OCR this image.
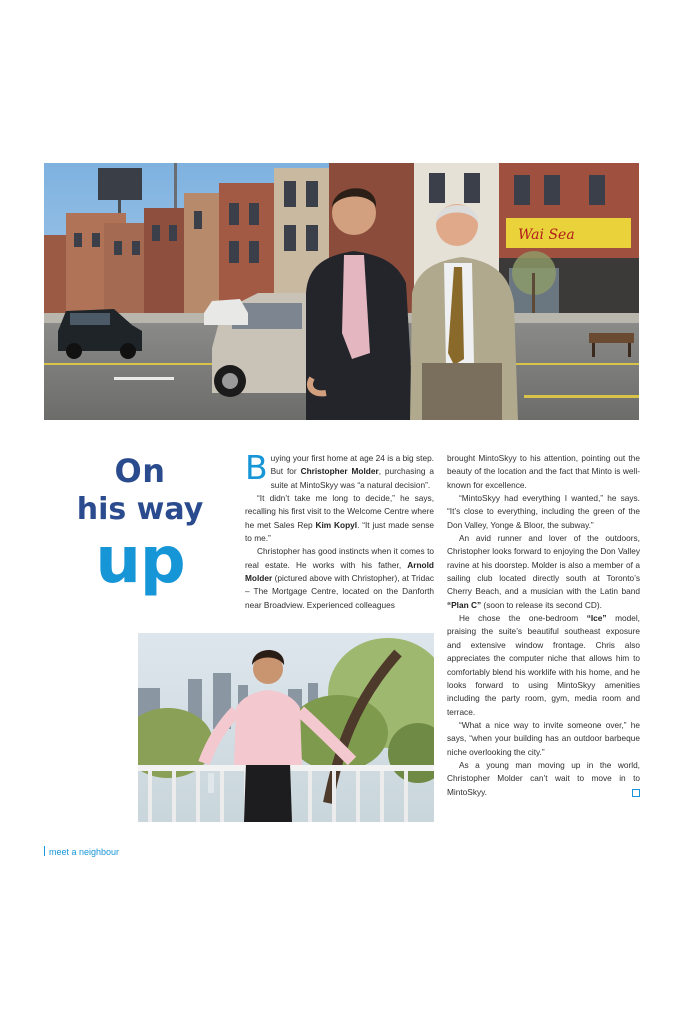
Wai Sea
On
his way
up

Buying your first home at age 24 is a big step. But for Christopher Molder, purchasing a suite at MintoSkyy was “a natural decision”.

“It didn’t take me long to decide,” he says, recalling his first visit to the Welcome Centre where he met Sales Rep Kim Kopyl. “It just made sense to me.”

Christopher has good instincts when it comes to real estate. He works with his father, Arnold Molder (pictured above with Christopher), at Tridac – The Mortgage Centre, located on the Danforth near Broadview. Experienced colleagues

brought MintoSkyy to his attention, pointing out the beauty of the location and the fact that Minto is well-known for excellence.

“MintoSkyy had everything I wanted,” he says. “It’s close to everything, including the green of the Don Valley, Yonge & Bloor, the subway.”

An avid runner and lover of the outdoors, Christopher looks forward to enjoying the Don Valley ravine at his doorstep. Molder is also a member of a sailing club located directly south at Toronto’s Cherry Beach, and a musician with the Latin band “Plan C” (soon to release its second CD).

He chose the one-bedroom “Ice” model, praising the suite’s beautiful southeast exposure and extensive window frontage. Chris also appreciates the computer niche that allows him to comfortably blend his worklife with his home, and he looks forward to using MintoSkyy amenities including the party room, gym, media room and terrace.

“What a nice way to invite someone over,” he says, “when your building has an outdoor barbeque niche overlooking the city.”

As a young man moving up in the world, Christopher Molder can’t wait to move in to MintoSkyy.

meet a neighbour
